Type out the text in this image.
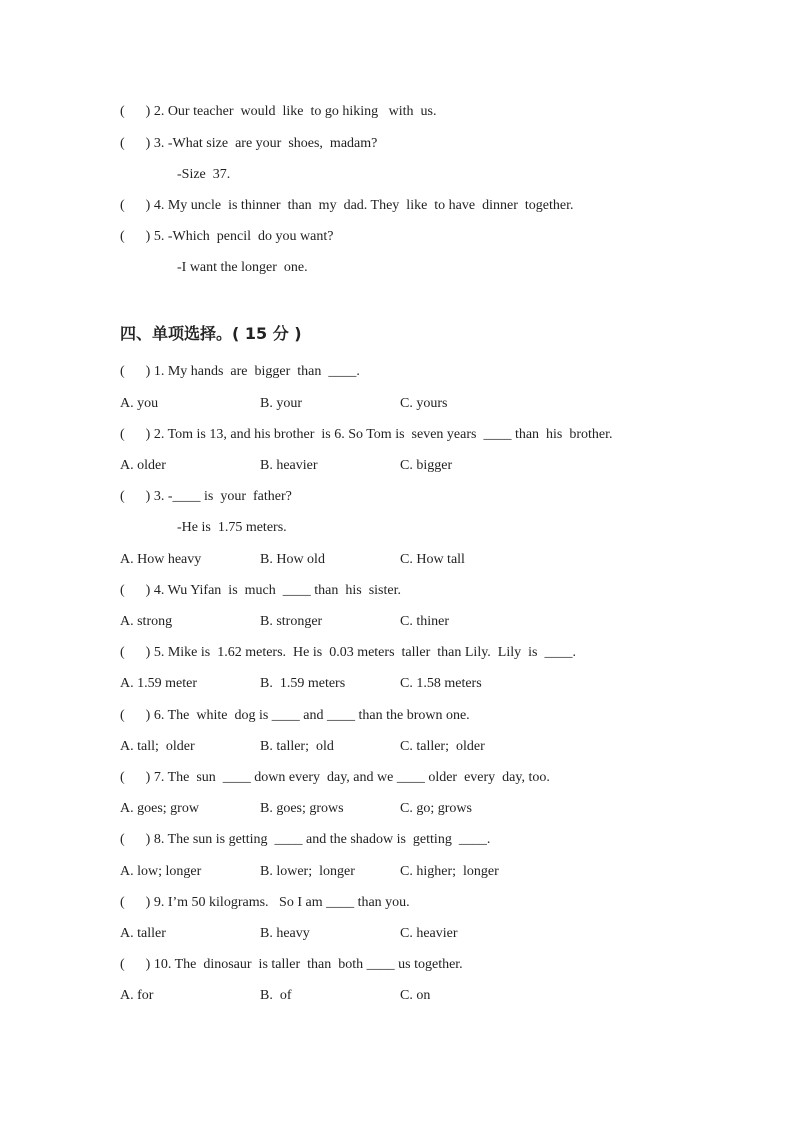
(      ) 2. Our teacher  would  like  to go hiking   with  us.
(      ) 3. -What size  are your  shoes,  madam?
-Size  37.
(      ) 4. My uncle  is thinner  than  my  dad. They  like  to have  dinner  together.
(      ) 5. -Which  pencil  do you want?
-I want the longer  one.
四、单项选择。( 15 分 )
(      ) 1. My hands  are  bigger  than  ____.
A. you	B. your	C. yours
(      ) 2. Tom is 13, and his brother  is 6. So Tom is  seven years  ____ than  his  brother.
A. older	B. heavier	C. bigger
(      ) 3. -____ is  your  father?
-He is  1.75 meters.
A. How heavy	B. How old	C. How tall
(      ) 4. Wu Yifan  is  much  ____ than  his  sister.
A. strong	B. stronger	C. thiner
(      ) 5. Mike is  1.62 meters.  He is  0.03 meters  taller  than Lily.  Lily  is  ____.
A. 1.59 meter	B.  1.59 meters	C. 1.58 meters
(      ) 6. The  white  dog is ____ and ____ than the brown one.
A. tall;  older	B. taller;  old	C. taller;  older
(      ) 7. The  sun  ____ down every  day, and we ____ older  every  day, too.
A. goes; grow	B. goes; grows	C. go; grows
(      ) 8. The sun is getting  ____ and the shadow is  getting  ____.
A. low; longer	B. lower;  longer	C. higher;  longer
(      ) 9. I’m 50 kilograms.   So I am ____ than you.
A. taller	B. heavy	C. heavier
(      ) 10. The  dinosaur  is taller  than  both ____ us together.
A. for	B.  of	C. on
